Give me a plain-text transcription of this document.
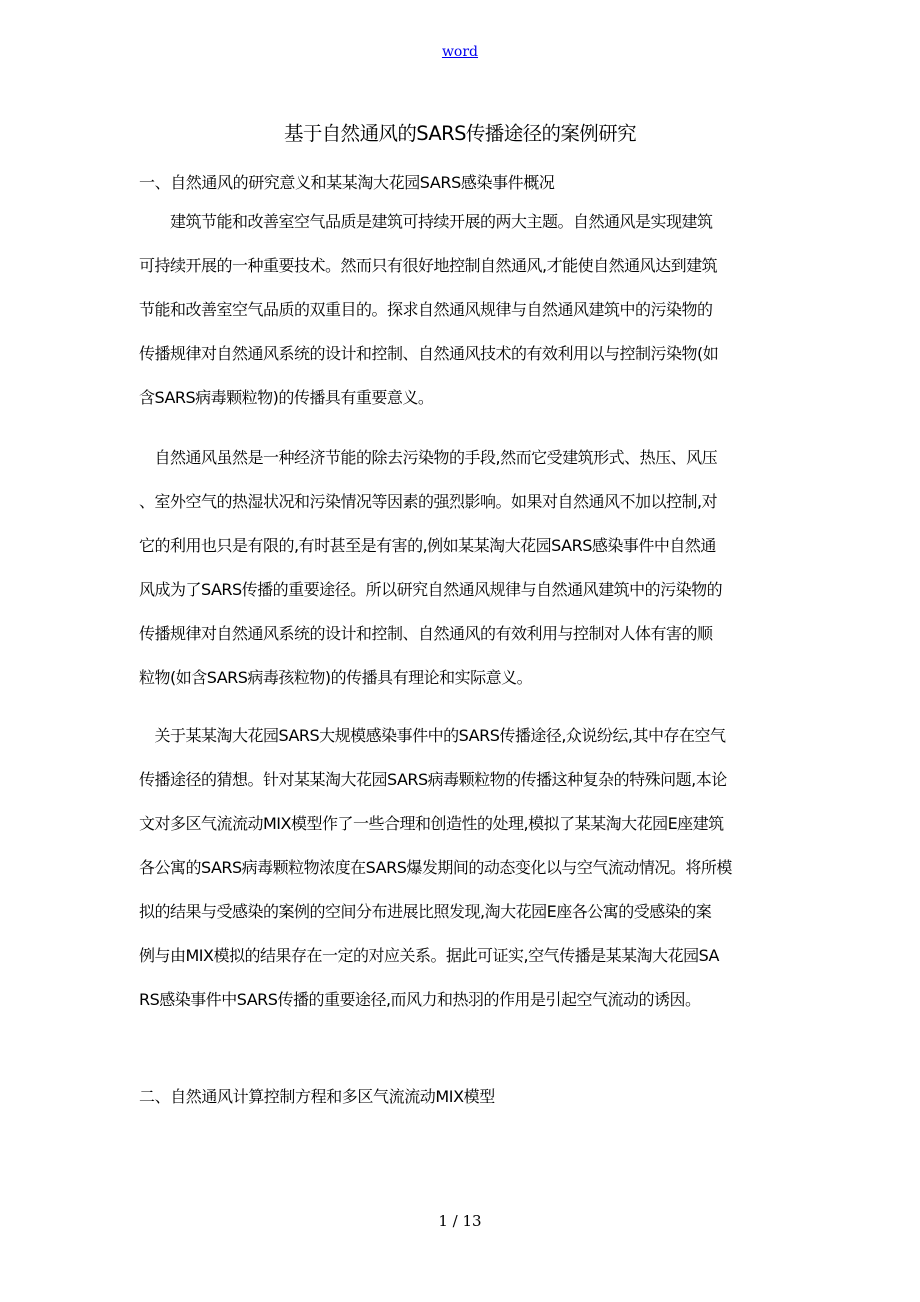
word
基于自然通风的SARS传播途径的案例研究
一、自然通风的研究意义和某某淘大花园SARS感染事件概况
　　建筑节能和改善室空气品质是建筑可持续开展的两大主题。自然通风是实现建筑
可持续开展的一种重要技术。然而只有很好地控制自然通风,才能使自然通风达到建筑
节能和改善室空气品质的双重目的。探求自然通风规律与自然通风建筑中的污染物的
传播规律对自然通风系统的设计和控制、自然通风技术的有效利用以与控制污染物(如
含SARS病毒颗粒物)的传播具有重要意义。
　自然通风虽然是一种经济节能的除去污染物的手段,然而它受建筑形式、热压、风压
、室外空气的热湿状况和污染情况等因素的强烈影响。如果对自然通风不加以控制,对
它的利用也只是有限的,有时甚至是有害的,例如某某淘大花园SARS感染事件中自然通
风成为了SARS传播的重要途径。所以研究自然通风规律与自然通风建筑中的污染物的
传播规律对自然通风系统的设计和控制、自然通风的有效利用与控制对人体有害的顺
粒物(如含SARS病毒孩粒物)的传播具有理论和实际意义。
　关于某某淘大花园SARS大规模感染事件中的SARS传播途径,众说纷纭,其中存在空气
传播途径的猜想。针对某某淘大花园SARS病毒颗粒物的传播这种复杂的特殊问题,本论
文对多区气流流动MIX模型作了一些合理和创造性的处理,模拟了某某淘大花园E座建筑
各公寓的SARS病毒颗粒物浓度在SARS爆发期间的动态变化以与空气流动情况。将所模
拟的结果与受感染的案例的空间分布进展比照发现,淘大花园E座各公寓的受感染的案
例与由MIX模拟的结果存在一定的对应关系。据此可证实,空气传播是某某淘大花园SA
RS感染事件中SARS传播的重要途径,而风力和热羽的作用是引起空气流动的诱因。
二、自然通风计算控制方程和多区气流流动MIX模型
1 / 13
